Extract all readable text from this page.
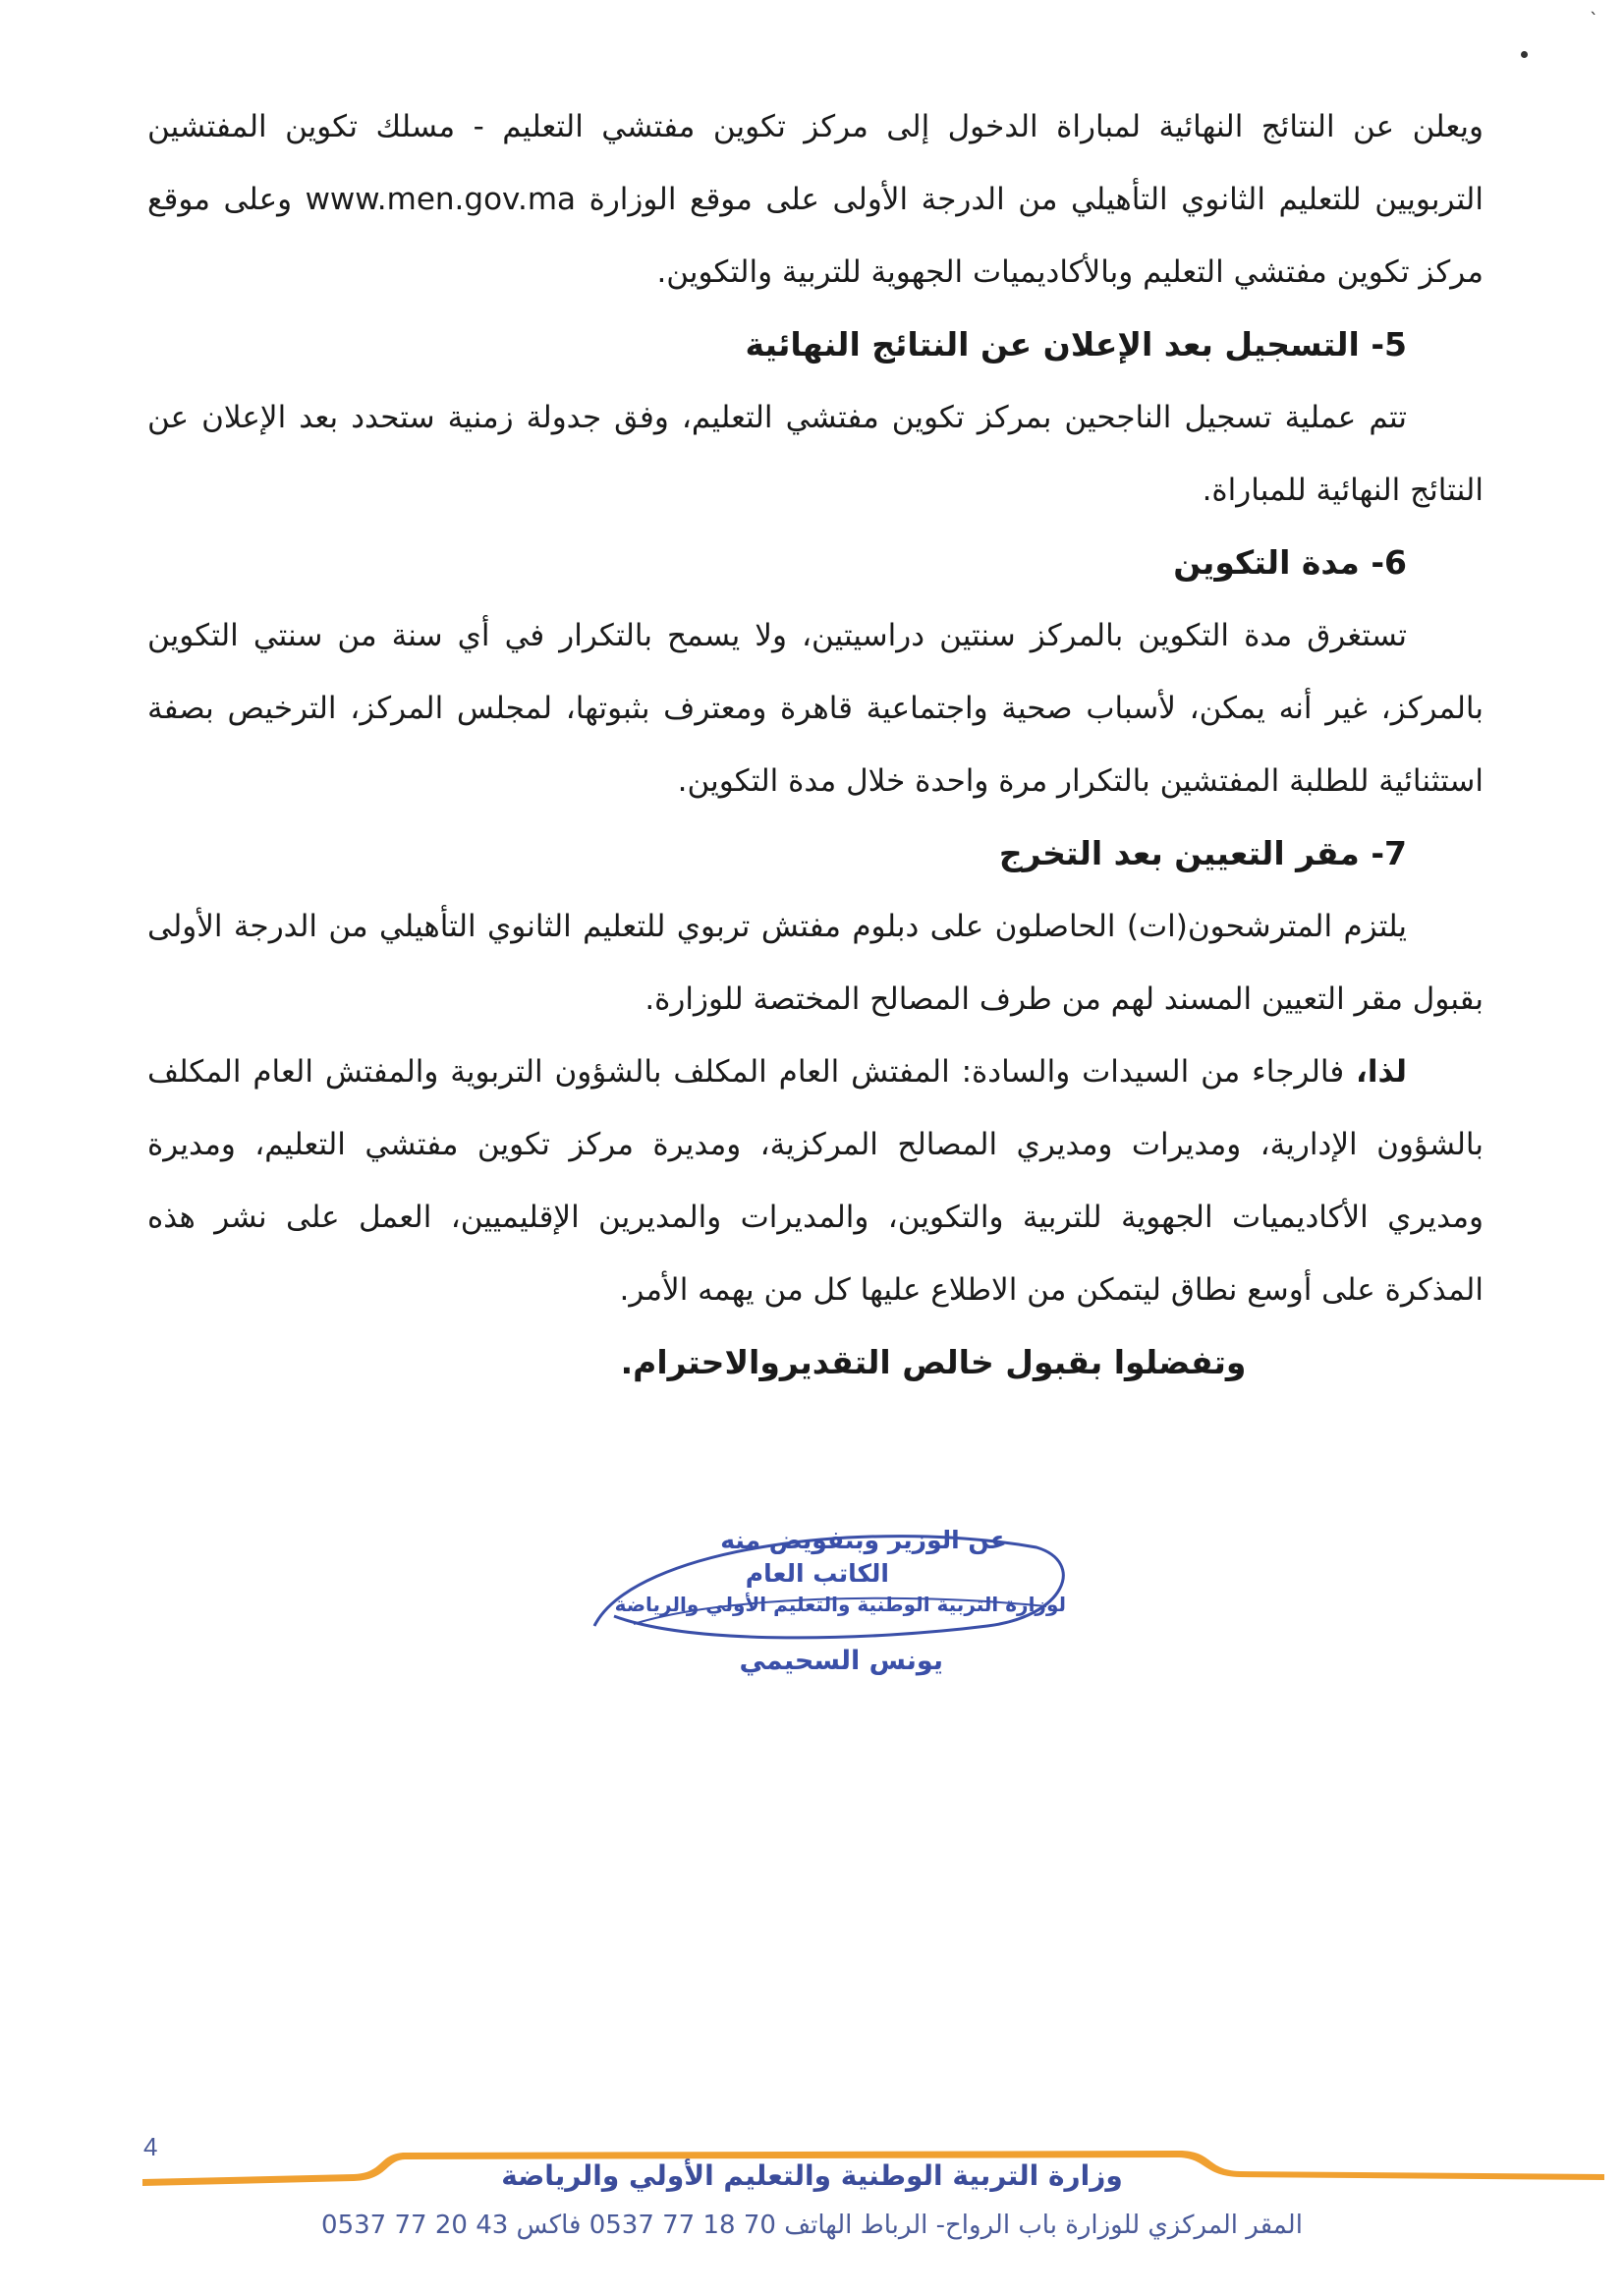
`

ويعلن عن النتائج النهائية لمباراة الدخول إلى مركز تكوين مفتشي التعليم - مسلك تكوين المفتشين التربويين للتعليم الثانوي التأهيلي من الدرجة الأولى على موقع الوزارة www.men.gov.ma وعلى موقع مركز تكوين مفتشي التعليم وبالأكاديميات الجهوية للتربية والتكوين.

5- التسجيل بعد الإعلان عن النتائج النهائية

تتم عملية تسجيل الناجحين بمركز تكوين مفتشي التعليم، وفق جدولة زمنية ستحدد بعد الإعلان عن النتائج النهائية للمباراة.

6- مدة التكوين

تستغرق مدة التكوين بالمركز سنتين دراسيتين، ولا يسمح بالتكرار في أي سنة من سنتي التكوين بالمركز، غير أنه يمكن، لأسباب صحية واجتماعية قاهرة ومعترف بثبوتها، لمجلس المركز، الترخيص بصفة استثنائية للطلبة المفتشين بالتكرار مرة واحدة خلال مدة التكوين.

7- مقر التعيين بعد التخرج

يلتزم المترشحون(ات) الحاصلون على دبلوم مفتش تربوي للتعليم الثانوي التأهيلي من الدرجة الأولى بقبول مقر التعيين المسند لهم من طرف المصالح المختصة للوزارة.

لذا، فالرجاء من السيدات والسادة: المفتش العام المكلف بالشؤون التربوية والمفتش العام المكلف بالشؤون الإدارية، ومديرات ومديري المصالح المركزية، ومديرة مركز تكوين مفتشي التعليم، ومديرة ومديري الأكاديميات الجهوية للتربية والتكوين، والمديرات والمديرين الإقليميين، العمل على نشر هذه المذكرة على أوسع نطاق ليتمكن من الاطلاع عليها كل من يهمه الأمر.

وتفضلوا بقبول خالص التقديروالاحترام.

عن الوزير وبتفويض منه
الكاتب العام
لوزارة التربية الوطنية والتعليم الأولي والرياضة
يونس السحيمي
4
وزارة التربية الوطنية والتعليم الأولي والرياضة
المقر المركزي للوزارة باب الرواح- الرباط الهاتف 70 18 77 0537 فاكس 43 20 77 0537
